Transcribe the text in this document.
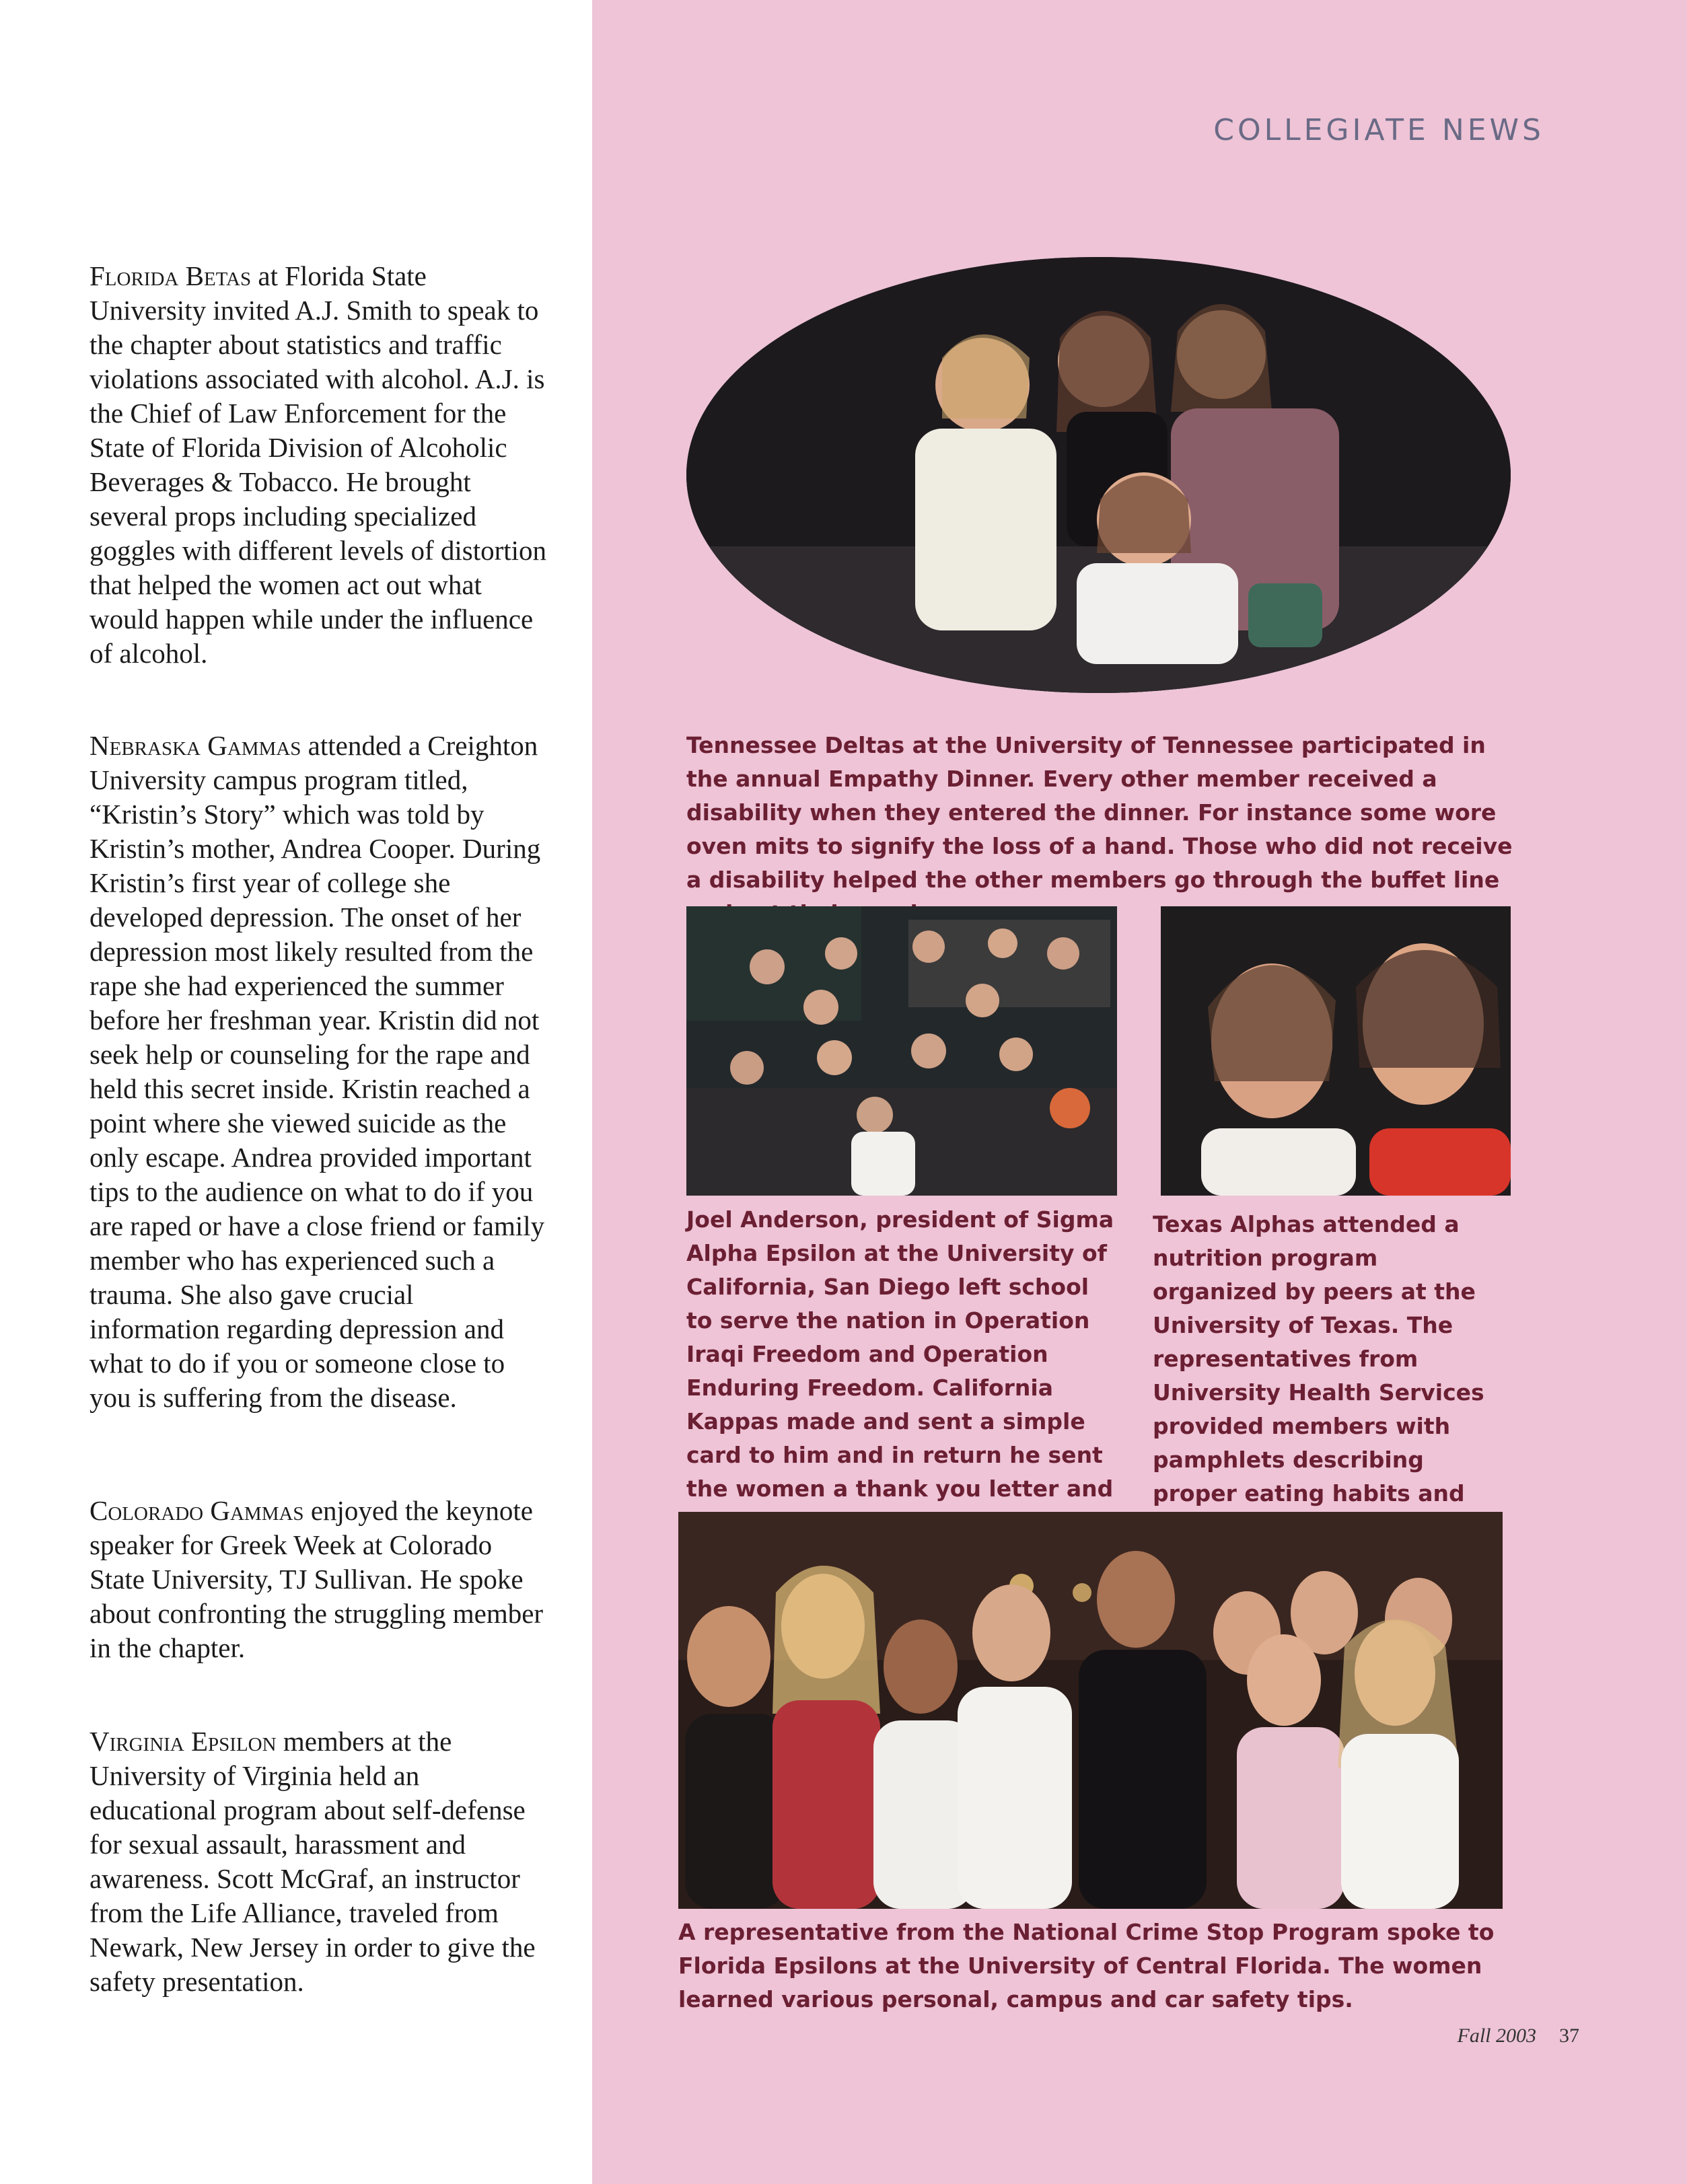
Florida Betas at Florida State University invited A.J. Smith to speak to the chapter about statistics and traffic violations associated with alcohol. A.J. is the Chief of Law Enforcement for the State of Florida Division of Alcoholic Beverages & Tobacco. He brought several props including specialized goggles with different levels of distortion that helped the women act out what would happen while under the influence of alcohol.

Nebraska Gammas attended a Creighton University campus program titled, “Kristin’s Story” which was told by Kristin’s mother, Andrea Cooper. During Kristin’s first year of college she developed depression. The onset of her depression most likely resulted from the rape she had experienced the summer before her freshman year. Kristin did not seek help or counseling for the rape and held this secret inside. Kristin reached a point where she viewed suicide as the only escape. Andrea provided important tips to the audience on what to do if you are raped or have a close friend or family member who has experienced such a trauma. She also gave crucial information regarding depression and what to do if you or someone close to you is suffering from the disease.

Colorado Gammas enjoyed the keynote speaker for Greek Week at Colorado State University, TJ Sullivan. He spoke about confronting the struggling member in the chapter.

Virginia Epsilon members at the University of Virginia held an educational program about self-defense for sexual assault, harassment and awareness. Scott McGraf, an instructor from the Life Alliance, traveled from Newark, New Jersey in order to give the safety presentation.

COLLEGIATE NEWS

Tennessee Deltas at the University of Tennessee participated in the annual Empathy Dinner. Every other member received a disability when they entered the dinner. For instance some wore oven mits to signify the loss of a hand. Those who did not receive a disability helped the other members go through the buffet line

Joel Anderson, president of Sigma Alpha Epsilon at the University of California, San Diego left school to serve the nation in Operation Iraqi Freedom and Operation Enduring Freedom. California Kappas made and sent a simple card to him and in return he sent the women a thank you letter and

Texas Alphas attended a nutrition program organized by peers at the University of Texas. The representatives from University Health Services provided members with pamphlets describing proper eating habits and

A representative from the National Crime Stop Program spoke to Florida Epsilons at the University of Central Florida. The women learned various personal, campus and car safety tips.

Fall 2003 37
